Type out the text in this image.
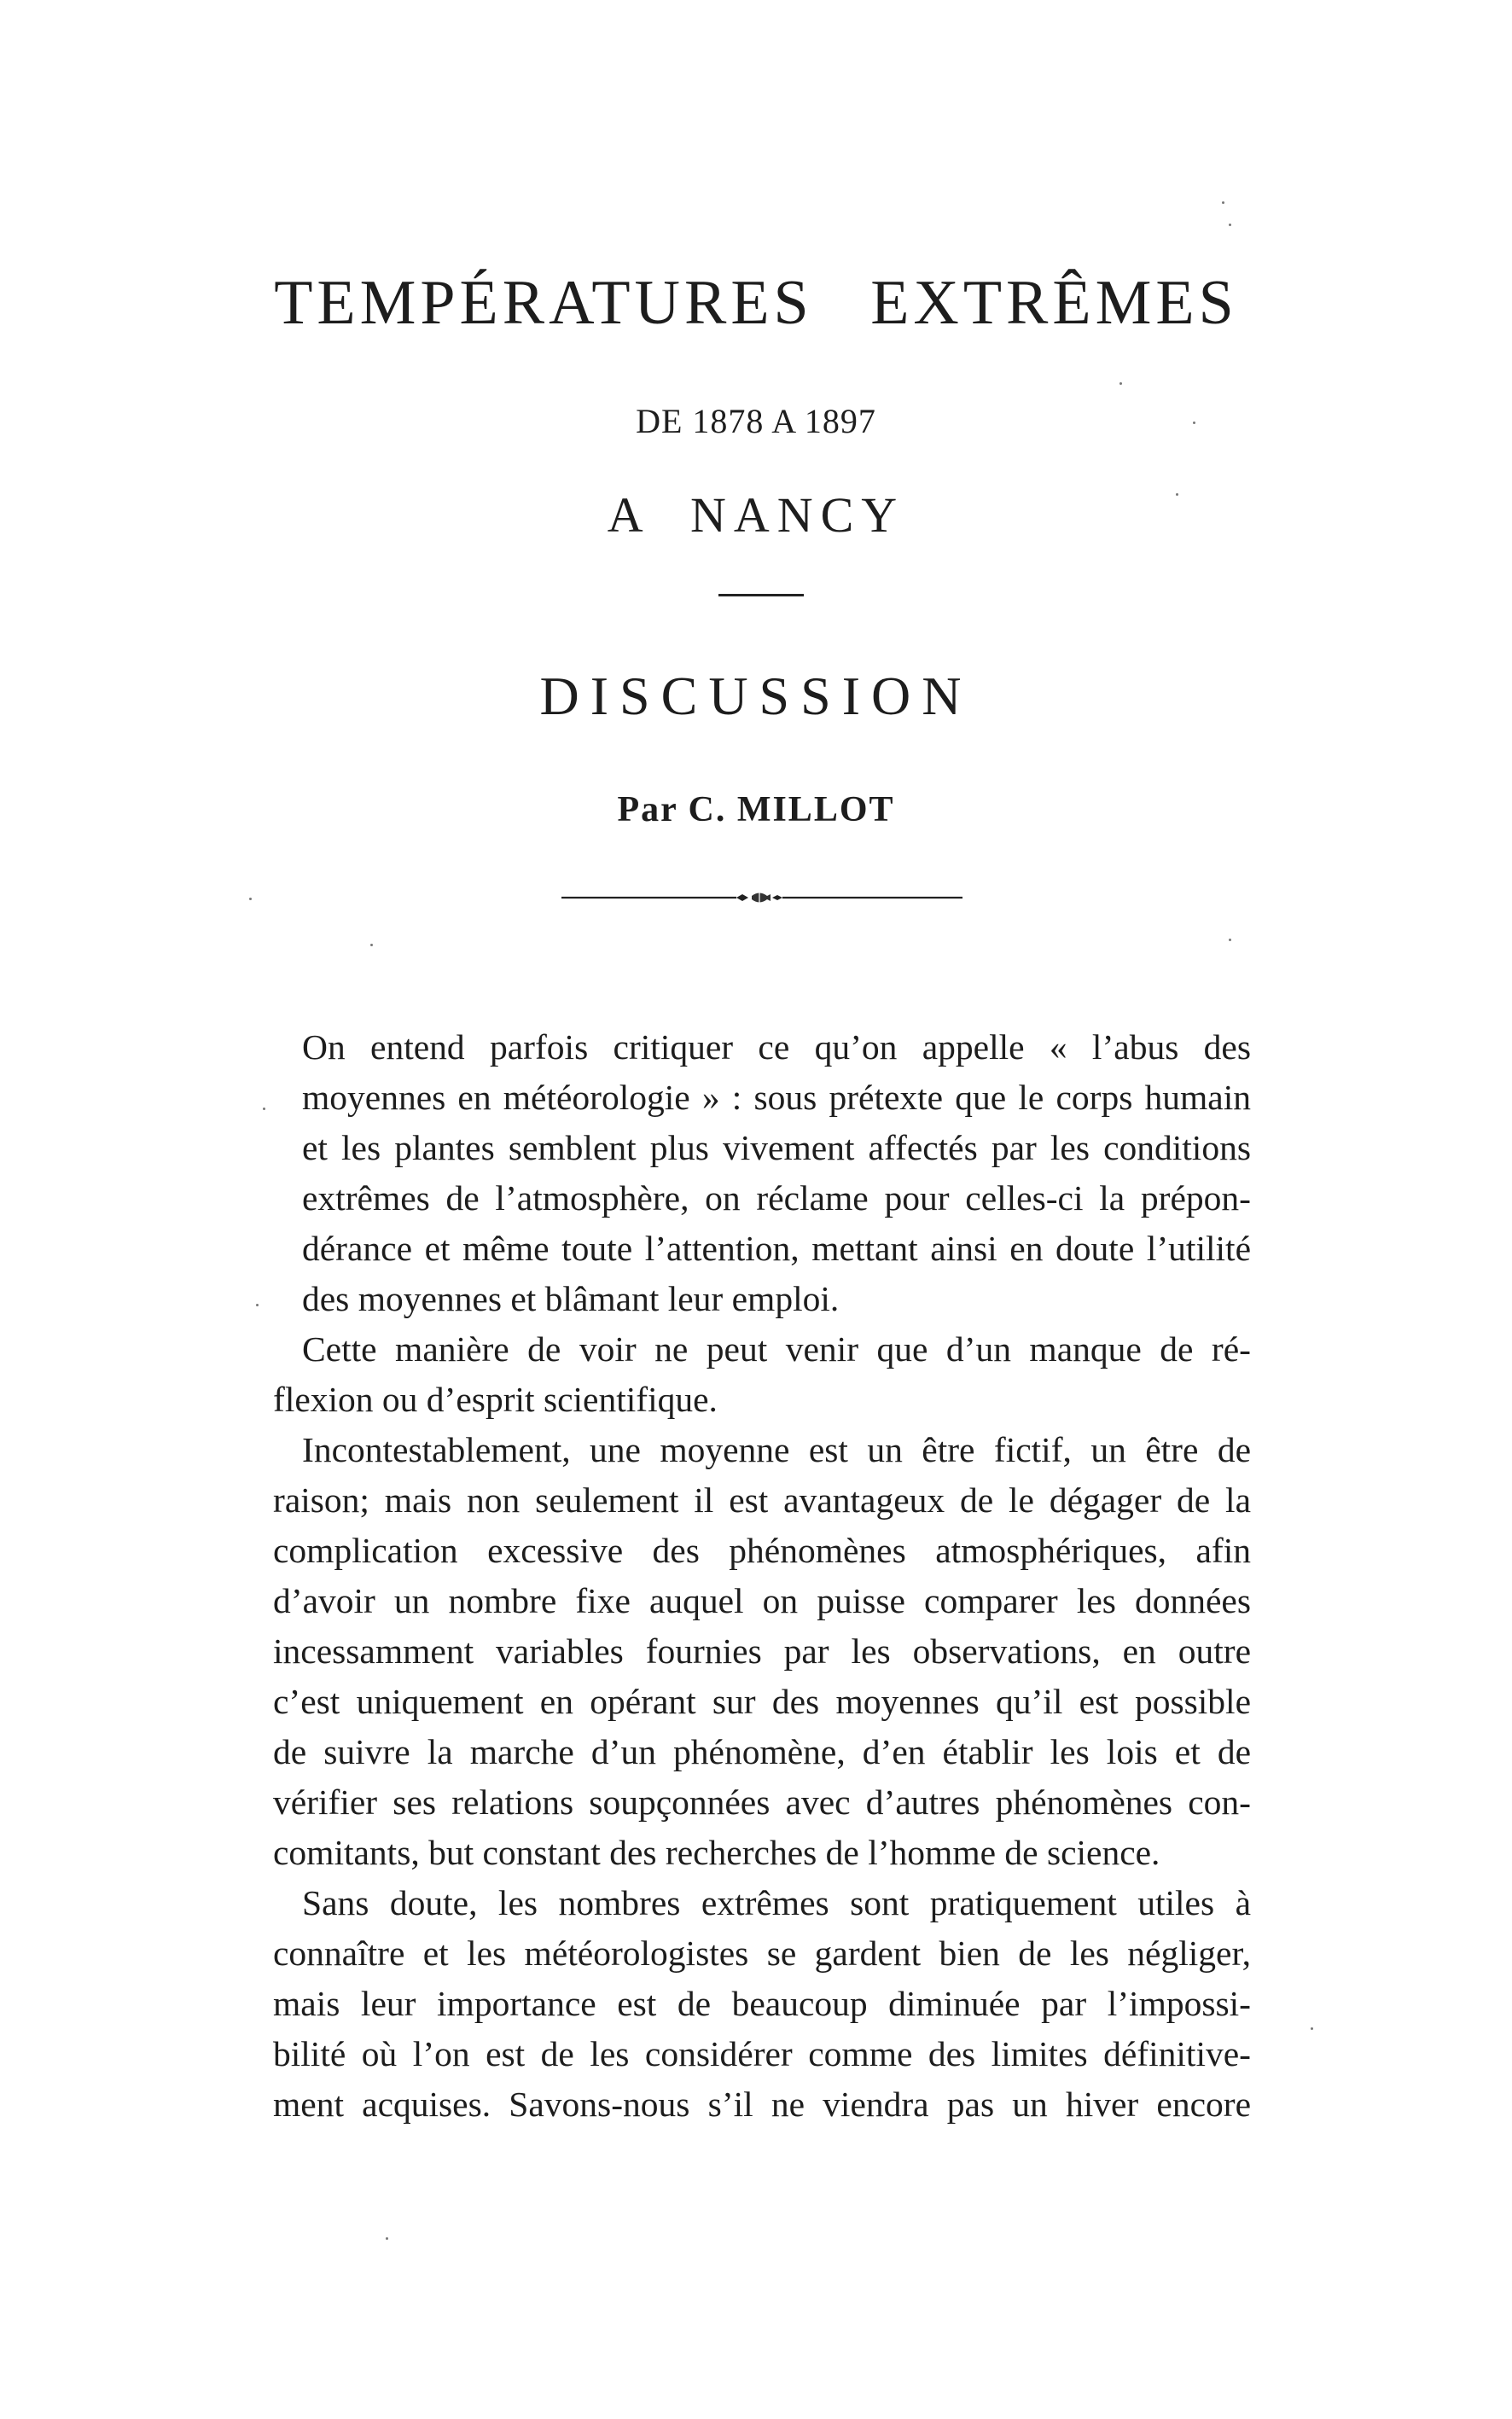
TEMPÉRATURES EXTRÊMES
DE 1878 A 1897
A NANCY
DISCUSSION
Par C. MILLOT

On entend parfois critiquer ce qu’on appelle « l’abus des
moyennes en météorologie » : sous prétexte que le corps humain
et les plantes semblent plus vivement affectés par les conditions
extrêmes de l’atmosphère, on réclame pour celles-ci la prépon-
dérance et même toute l’attention, mettant ainsi en doute l’utilité
des moyennes et blâmant leur emploi.

Cette manière de voir ne peut venir que d’un manque de ré-
flexion ou d’esprit scientifique.

Incontestablement, une moyenne est un être fictif, un être de
raison; mais non seulement il est avantageux de le dégager de la
complication excessive des phénomènes atmosphériques, afin
d’avoir un nombre fixe auquel on puisse comparer les données
incessamment variables fournies par les observations, en outre
c’est uniquement en opérant sur des moyennes qu’il est possible
de suivre la marche d’un phénomène, d’en établir les lois et de
vérifier ses relations soupçonnées avec d’autres phénomènes con-
comitants, but constant des recherches de l’homme de science.

Sans doute, les nombres extrêmes sont pratiquement utiles à
connaître et les météorologistes se gardent bien de les négliger,
mais leur importance est de beaucoup diminuée par l’impossi-
bilité où l’on est de les considérer comme des limites définitive-
ment acquises. Savons-nous s’il ne viendra pas un hiver encore
